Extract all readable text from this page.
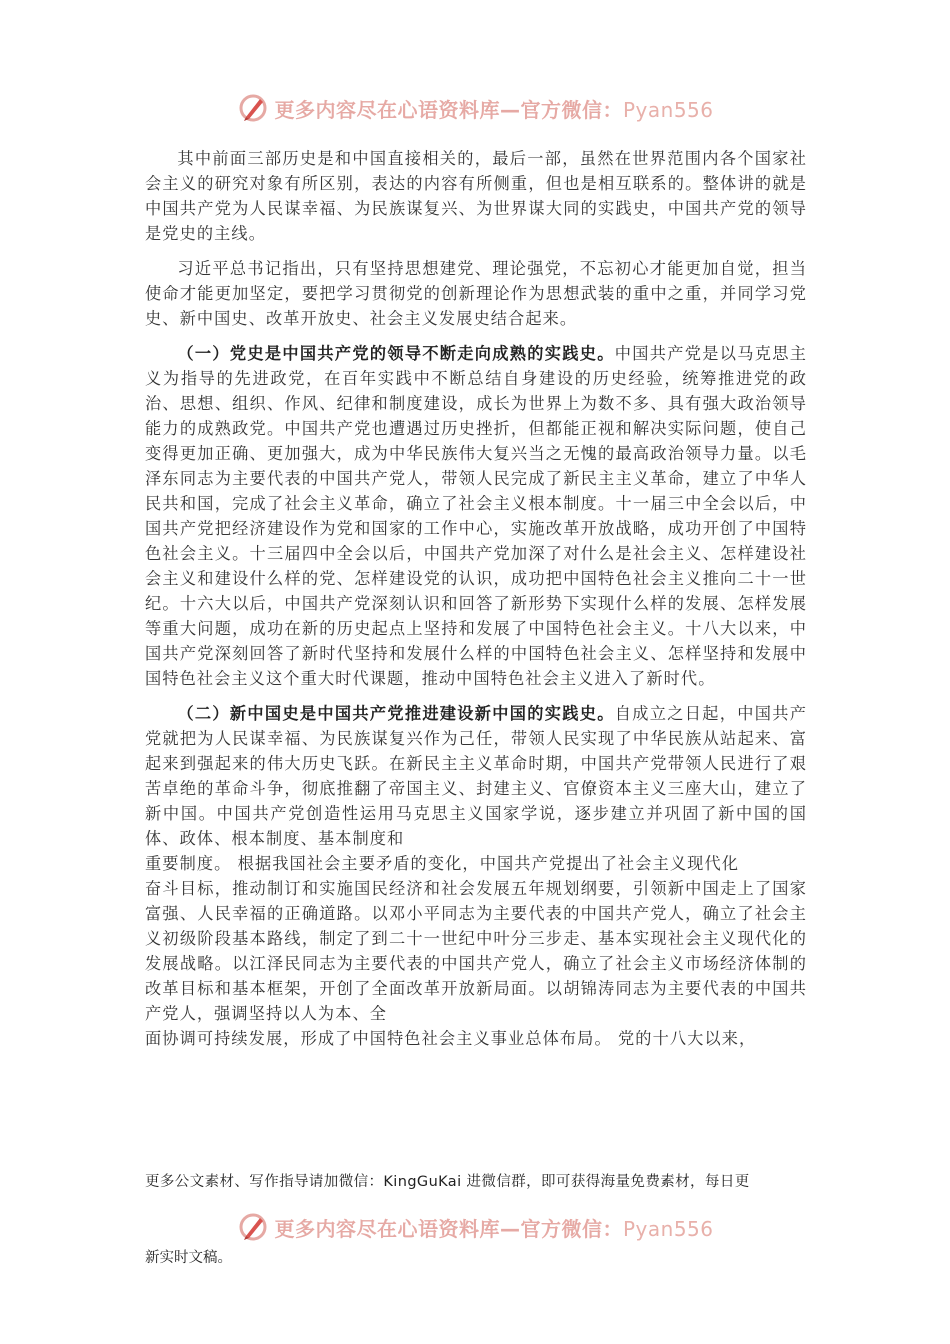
更多内容尽在心语资料库—官方微信：Pyan556

其中前面三部历史是和中国直接相关的，最后一部，虽然在世界范围内各个国家社会主义的研究对象有所区别，表达的内容有所侧重，但也是相互联系的。整体讲的就是中国共产党为人民谋幸福、为民族谋复兴、为世界谋大同的实践史，中国共产党的领导是党史的主线。

习近平总书记指出，只有坚持思想建党、理论强党，不忘初心才能更加自觉，担当使命才能更加坚定，要把学习贯彻党的创新理论作为思想武装的重中之重，并同学习党史、新中国史、改革开放史、社会主义发展史结合起来。

（一）党史是中国共产党的领导不断走向成熟的实践史。中国共产党是以马克思主义为指导的先进政党，在百年实践中不断总结自身建设的历史经验，统筹推进党的政治、思想、组织、作风、纪律和制度建设，成长为世界上为数不多、具有强大政治领导能力的成熟政党。中国共产党也遭遇过历史挫折，但都能正视和解决实际问题，使自己变得更加正确、更加强大，成为中华民族伟大复兴当之无愧的最高政治领导力量。以毛泽东同志为主要代表的中国共产党人，带领人民完成了新民主主义革命，建立了中华人民共和国，完成了社会主义革命，确立了社会主义根本制度。十一届三中全会以后，中国共产党把经济建设作为党和国家的工作中心，实施改革开放战略，成功开创了中国特色社会主义。十三届四中全会以后，中国共产党加深了对什么是社会主义、怎样建设社会主义和建设什么样的党、怎样建设党的认识，成功把中国特色社会主义推向二十一世纪。十六大以后，中国共产党深刻认识和回答了新形势下实现什么样的发展、怎样发展等重大问题，成功在新的历史起点上坚持和发展了中国特色社会主义。十八大以来，中国共产党深刻回答了新时代坚持和发展什么样的中国特色社会主义、怎样坚持和发展中国特色社会主义这个重大时代课题，推动中国特色社会主义进入了新时代。

（二）新中国史是中国共产党推进建设新中国的实践史。自成立之日起，中国共产党就把为人民谋幸福、为民族谋复兴作为己任，带领人民实现了中华民族从站起来、富起来到强起来的伟大历史飞跃。在新民主主义革命时期，中国共产党带领人民进行了艰苦卓绝的革命斗争，彻底推翻了帝国主义、封建主义、官僚资本主义三座大山，建立了新中国。中国共产党创造性运用马克思主义国家学说，逐步建立并巩固了新中国的国体、政体、根本制度、基本制度和

重要制度。 根据我国社会主要矛盾的变化，中国共产党提出了社会主义现代化

奋斗目标，推动制订和实施国民经济和社会发展五年规划纲要，引领新中国走上了国家富强、人民幸福的正确道路。以邓小平同志为主要代表的中国共产党人，确立了社会主义初级阶段基本路线，制定了到二十一世纪中叶分三步走、基本实现社会主义现代化的发展战略。以江泽民同志为主要代表的中国共产党人，确立了社会主义市场经济体制的改革目标和基本框架，开创了全面改革开放新局面。以胡锦涛同志为主要代表的中国共产党人，强调坚持以人为本、全

面协调可持续发展，形成了中国特色社会主义事业总体布局。 党的十八大以来，

更多公文素材、写作指导请加微信：KingGuKai 进微信群，即可获得海量免费素材，每日更
更多内容尽在心语资料库—官方微信：Pyan556
新实时文稿。
